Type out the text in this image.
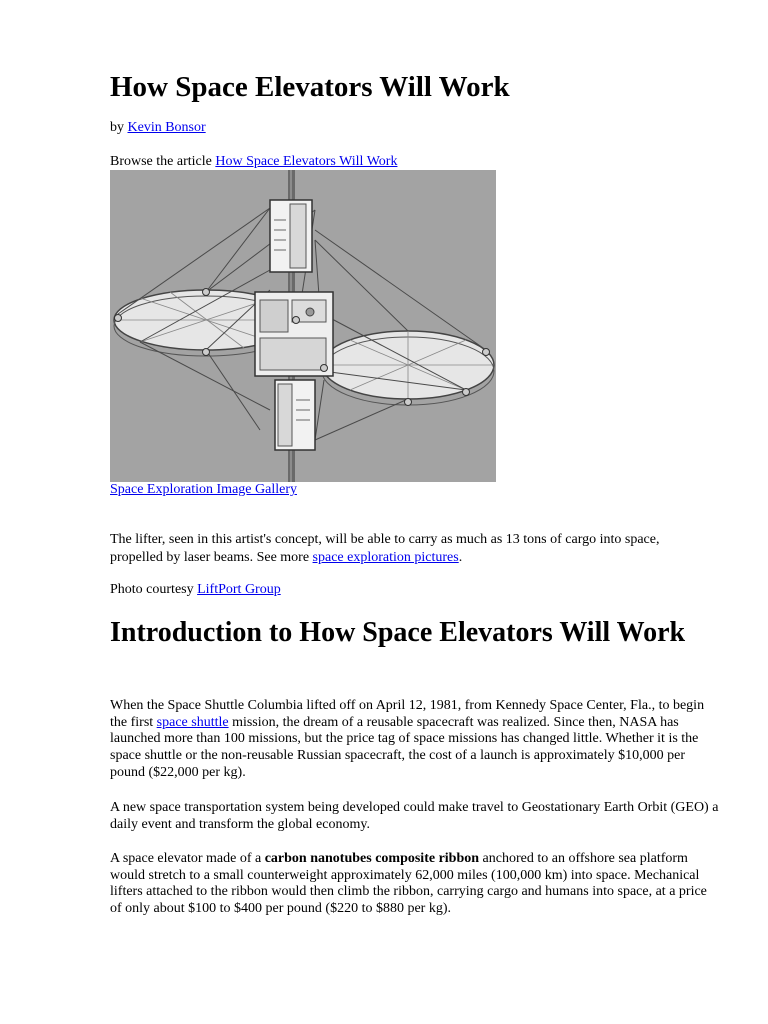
How Space Elevators Will Work
by Kevin Bonsor
Browse the article How Space Elevators Will Work
Space Exploration Image Gallery
The lifter, seen in this artist's concept, will be able to carry as much as 13 tons of cargo into space, propelled by laser beams. See more space exploration pictures.
Photo courtesy LiftPort Group
Introduction to How Space Elevators Will Work

When the Space Shuttle Columbia lifted off on April 12, 1981, from Kennedy Space Center, Fla., to begin the first space shuttle mission, the dream of a reusable spacecraft was realized. Since then, NASA has launched more than 100 missions, but the price tag of space missions has changed little. Whether it is the space shuttle or the non-reusable Russian spacecraft, the cost of a launch is approximately $10,000 per pound ($22,000 per kg).

A new space transportation system being developed could make travel to Geostationary Earth Orbit (GEO) a daily event and transform the global economy.

A space elevator made of a carbon nanotubes composite ribbon anchored to an offshore sea platform would stretch to a small counterweight approximately 62,000 miles (100,000 km) into space. Mechanical lifters attached to the ribbon would then climb the ribbon, carrying cargo and humans into space, at a price of only about $100 to $400 per pound ($220 to $880 per kg).
